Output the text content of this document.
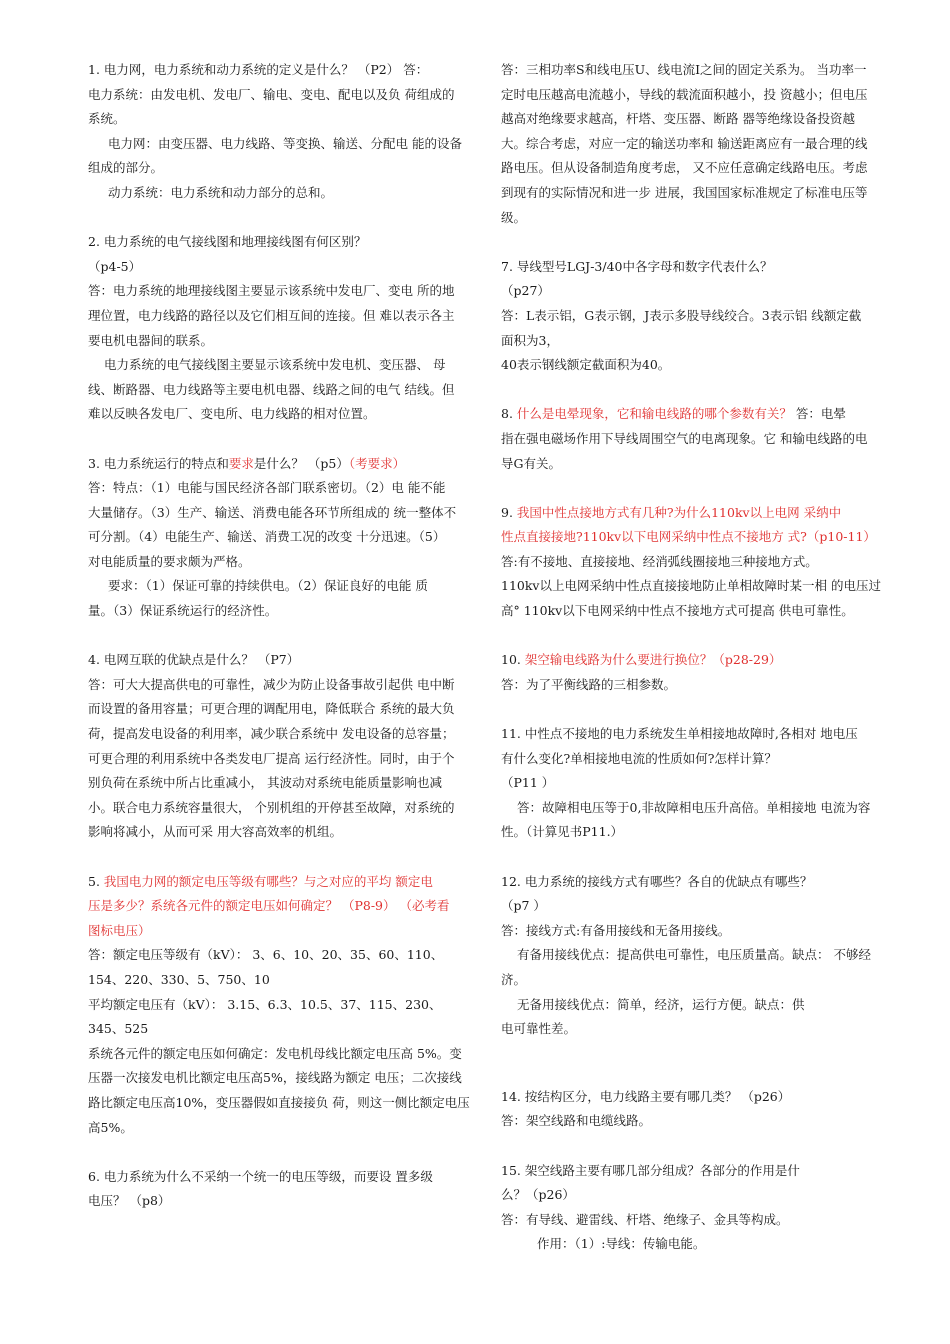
1. 电力网，电力系统和动力系统的定义是什么？ （P2） 答：
电力系统：由发电机、发电厂、输电、变电、配电以及负 荷组成的
系统。
电力网：由变压器、电力线路、等变换、输送、分配电 能的设备
组成的部分。
动力系统：电力系统和动力部分的总和。
2. 电力系统的电气接线图和地理接线图有何区别？
（p4-5）
答：电力系统的地理接线图主要显示该系统中发电厂、变电 所的地
理位置，电力线路的路径以及它们相互间的连接。但 难以表示各主
要电机电器间的联系。
电力系统的电气接线图主要显示该系统中发电机、变压器、 母
线、断路器、电力线路等主要电机电器、线路之间的电气 结线。但
难以反映各发电厂、变电所、电力线路的相对位置。
3. 电力系统运行的特点和要求是什么？ （p5）（考要求）
答：特点：（1）电能与国民经济各部门联系密切。（2）电 能不能
大量储存。（3）生产、输送、消费电能各环节所组成的 统一整体不
可分割。（4）电能生产、输送、消费工况的改变 十分迅速。（5）
对电能质量的要求颇为严格。
要求：（1）保证可靠的持续供电。（2）保证良好的电能 质
量。（3）保证系统运行的经济性。
4. 电网互联的优缺点是什么？ （P7）
答：可大大提高供电的可靠性，减少为防止设备事故引起供 电中断
而设置的备用容量；可更合理的调配用电，降低联合 系统的最大负
荷，提高发电设备的利用率，减少联合系统中 发电设备的总容量；
可更合理的利用系统中各类发电厂提高 运行经济性。同时，由于个
别负荷在系统中所占比重减小， 其波动对系统电能质量影响也减
小。联合电力系统容量很大， 个别机组的开停甚至故障，对系统的
影响将减小，从而可采 用大容高效率的机组。
5. 我国电力网的额定电压等级有哪些？与之对应的平均 额定电
压是多少？系统各元件的额定电压如何确定？ （P8-9） （必考看
图标电压）
答：额定电压等级有（kV）： 3、6、10、20、35、60、110、
154、220、330、5、750、10
平均额定电压有（kV）： 3.15、6.3、10.5、37、115、230、
345、525
系统各元件的额定电压如何确定：发电机母线比额定电压高 5%。变
压器一次接发电机比额定电压高5%，接线路为额定 电压；二次接线
路比额定电压高10%，变压器假如直接接负 荷，则这一侧比额定电压
高5%。
6. 电力系统为什么不采纳一个统一的电压等级，而要设 置多级
电压？ （p8）
答：三相功率S和线电压U、线电流I之间的固定关系为。 当功率一
定时电压越高电流越小，导线的载流面积越小，投 资越小；但电压
越高对绝缘要求越高，杆塔、变压器、断路 器等绝缘设备投资越
大。综合考虑，对应一定的输送功率和 输送距离应有一最合理的线
路电压。但从设备制造角度考虑， 又不应任意确定线路电压。考虑
到现有的实际情况和进一步 进展，我国国家标准规定了标准电压等
级。
7. 导线型号LGJ-3/40中各字母和数字代表什么？
（p27）
答：L表示铝，G表示钢，J表示多股导线绞合。3表示铝 线额定截
面积为3，
40表示钢线额定截面积为40。
8. 什么是电晕现象，它和输电线路的哪个参数有关？ 答：电晕
指在强电磁场作用下导线周围空气的电离现象。它 和输电线路的电
导G有关。
9. 我国中性点接地方式有几种?为什么110kv以上电网 采纳中
性点直接接地?110kv以下电网采纳中性点不接地方 式?（p10-11）
答:有不接地、直接接地、经消弧线圈接地三种接地方式。
110kv以上电网采纳中性点直接接地防止单相故障时某一相 的电压过
高° 110kv以下电网采纳中性点不接地方式可提高 供电可靠性。
10. 架空输电线路为什么要进行换位？（p28-29）
答：为了平衡线路的三相参数。
11. 中性点不接地的电力系统发生单相接地故障时,各相对 地电压
有什么变化?单相接地电流的性质如何?怎样计算？
（P11 ）
答：故障相电压等于0,非故障相电压升高倍。单相接地 电流为容
性。（计算见书P11.）
12. 电力系统的接线方式有哪些？各自的优缺点有哪些？
（p7 ）
答：接线方式:有备用接线和无备用接线。
有备用接线优点：提高供电可靠性，电压质量高。缺点： 不够经
济。
无备用接线优点：简单，经济，运行方便。缺点：供
电可靠性差。
14. 按结构区分，电力线路主要有哪几类？ （p26）
答：架空线路和电缆线路。
15. 架空线路主要有哪几部分组成？各部分的作用是什
么？（p26）
答：有导线、避雷线、杆塔、绝缘子、金具等构成。
作用：（1）:导线：传输电能。
